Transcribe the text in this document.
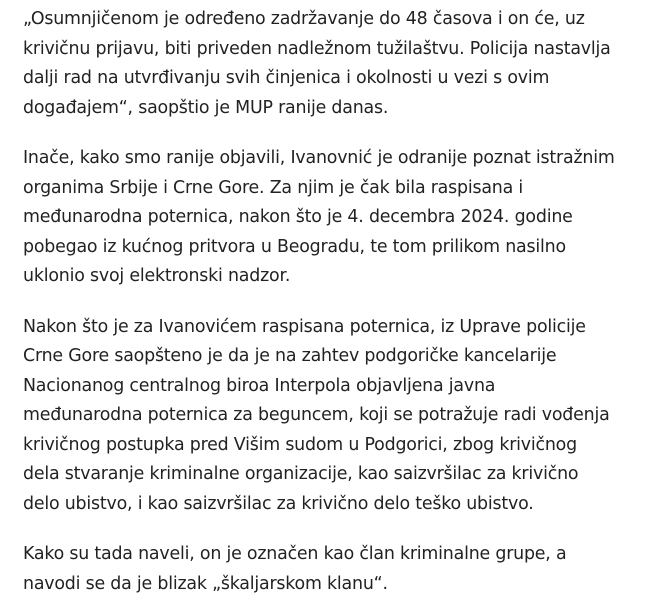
„Osumnjičenom je određeno zadržavanje do 48 časova i on će, uz
krivičnu prijavu, biti priveden nadležnom tužilaštvu. Policija nastavlja
dalji rad na utvrđivanju svih činjenica i okolnosti u vezi s ovim
događajem“, saopštio je MUP ranije danas.

Inače, kako smo ranije objavili, Ivanovnić je odranije poznat istražnim
organima Srbije i Crne Gore. Za njim je čak bila raspisana i
međunarodna poternica, nakon što je 4. decembra 2024. godine
pobegao iz kućnog pritvora u Beogradu, te tom prilikom nasilno
uklonio svoj elektronski nadzor.

Nakon što je za Ivanovićem raspisana poternica, iz Uprave policije
Crne Gore saopšteno je da je na zahtev podgoričke kancelarije
Nacionanog centralnog biroa Interpola objavljena javna
međunarodna poternica za beguncem, koji se potražuje radi vođenja
krivičnog postupka pred Višim sudom u Podgorici, zbog krivičnog
dela stvaranje kriminalne organizacije, kao saizvršilac za krivično
delo ubistvo, i kao saizvršilac za krivično delo teško ubistvo.

Kako su tada naveli, on je označen kao član kriminalne grupe, a
navodi se da je blizak „škaljarskom klanu“.
